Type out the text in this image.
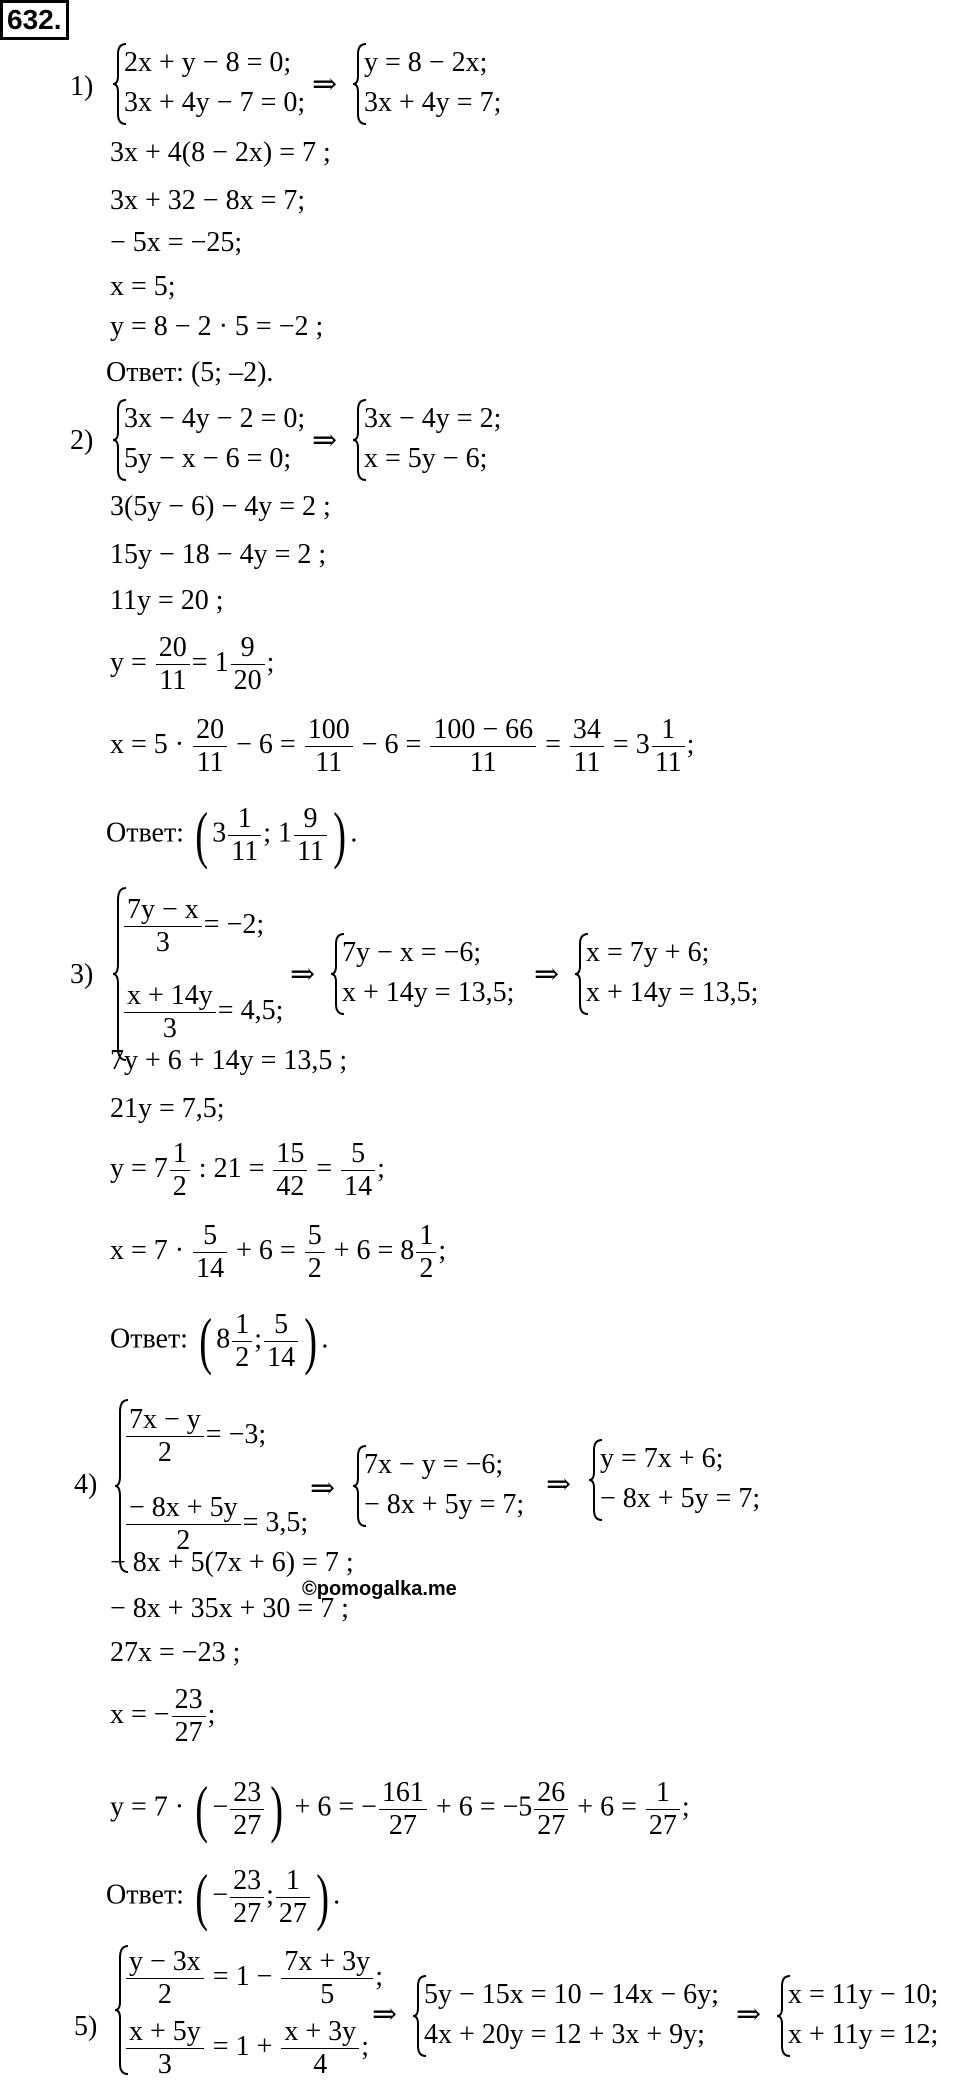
632.
1)
2x + y − 8 = 0;
3x + 4y − 7 = 0;
⇒
y = 8 − 2x;
3x + 4y = 7;
3x + 4(8 − 2x) = 7 ;
3x + 32 − 8x = 7;
− 5x = −25;
x = 5;
y = 8 − 2 · 5 = −2 ;
Ответ: (5; –2).
2)
3x − 4y − 2 = 0;
5y − x − 6 = 0;
⇒
3x − 4y = 2;
x = 5y − 6;
3(5y − 6) − 4y = 2 ;
15y − 18 − 4y = 2 ;
11y = 20 ;
$y = \frac{20}{11} = 1 \frac{9}{20}$ ;
$x = 5 \cdot \frac{20}{11} - 6 = \frac{100}{11} - 6 = \frac{100 - 66}{11} = \frac{34}{11} = 3 \frac{1}{11}$ ;
Ответ: ( $3 \frac{1}{11}$ ; $1 \frac{9}{11}$ ) .
3)
$\frac{7y - x}{3} = -2$;
$\frac{x + 14y}{3} = 4,5$;
⇒
7y − x = −6;
x + 14y = 13,5;
⇒
x = 7y + 6;
x + 14y = 13,5;
7y + 6 + 14y = 13,5 ;
21y = 7,5;
$y = 7 \frac{1}{2}$ : $21 = \frac{15}{42} = \frac{5}{14}$ ;
$x = 7 \cdot \frac{5}{14} + 6 = \frac{5}{2} + 6 = 8 \frac{1}{2}$ ;
Ответ: ( $8 \frac{1}{2}$ ; $\frac{5}{14}$ ) .
4)
$\frac{7x - y}{2} = -3$;
$\frac{- 8x + 5y}{2} = 3,5$;
⇒
7x − y = −6;
− 8x + 5y = 7;
⇒
y = 7x + 6;
− 8x + 5y = 7;
− 8x + 5(7x + 6) = 7 ;
©pomogalka.me
− 8x + 35x + 30 = 7 ;
27x = −23 ;
x = − $\frac{23}{27}$ ;
y = 7 · ( − $\frac{23}{27}$ ) + 6 = − $\frac{161}{27} + 6 = -5 \frac{26}{27} + 6 = \frac{1}{27}$ ;
Ответ: ( − $\frac{23}{27}$ ; $\frac{1}{27}$ ) .
5)
$\frac{y - 3x}{2} = 1 - \frac{7x + 3y}{5}$ ;
$\frac{x + 5y}{3} = 1 + \frac{x + 3y}{4}$ ;
⇒
5y − 15x = 10 − 14x − 6y;
4x + 20y = 12 + 3x + 9y;
⇒
x = 11y − 10;
x + 11y = 12;
